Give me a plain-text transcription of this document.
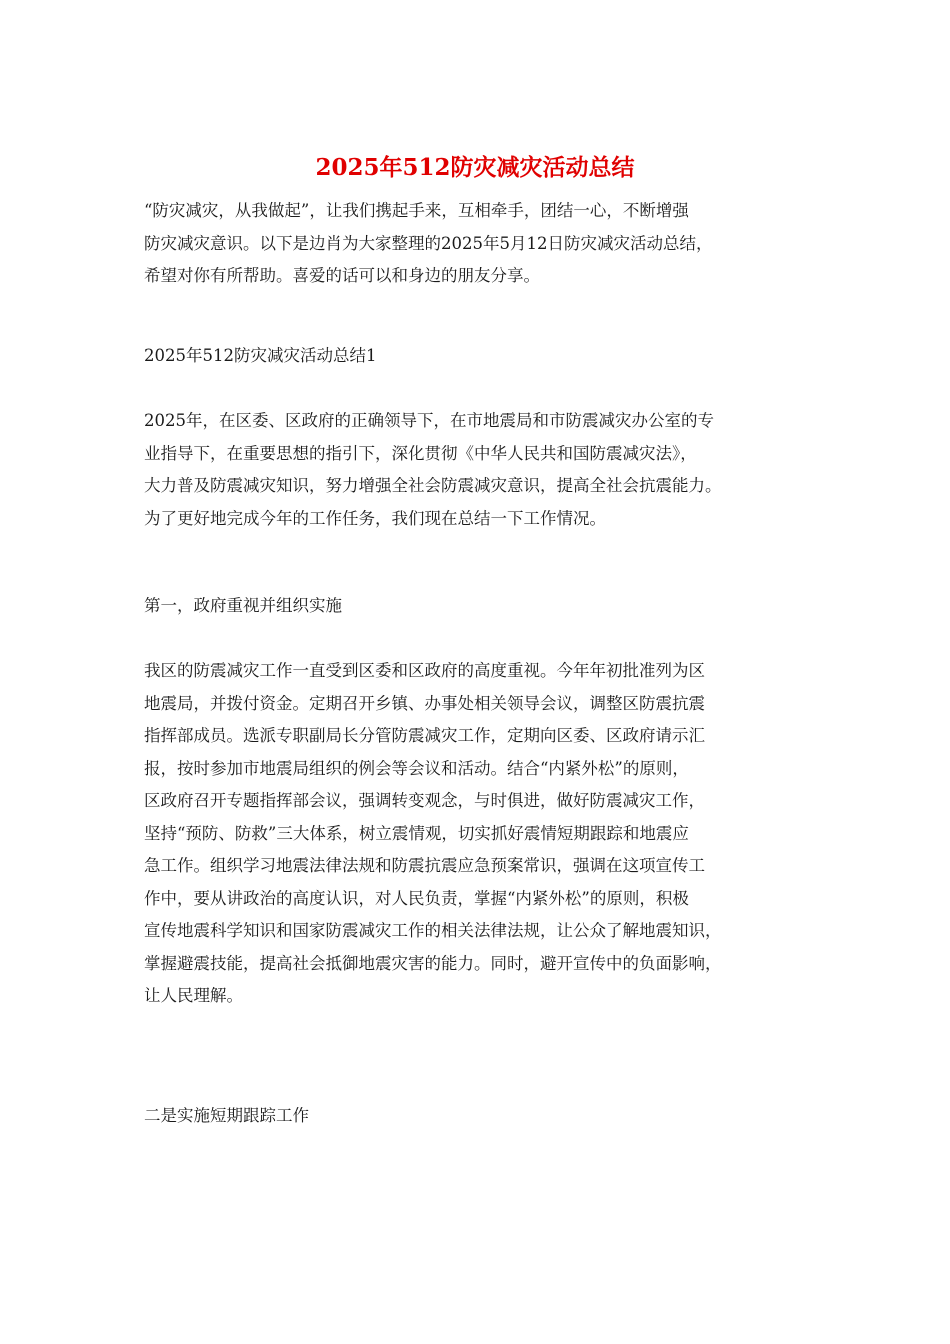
2025年512防灾减灾活动总结
“防灾减灾，从我做起”，让我们携起手来，互相牵手，团结一心，不断增强
防灾减灾意识。以下是边肖为大家整理的2025年5月12日防灾减灾活动总结，
希望对你有所帮助。喜爱的话可以和身边的朋友分享。
2025年512防灾减灾活动总结1
2025年，在区委、区政府的正确领导下，在市地震局和市防震减灾办公室的专
业指导下，在重要思想的指引下，深化贯彻《中华人民共和国防震减灾法》，
大力普及防震减灾知识，努力增强全社会防震减灾意识，提高全社会抗震能力。
为了更好地完成今年的工作任务，我们现在总结一下工作情况。
第一，政府重视并组织实施
我区的防震减灾工作一直受到区委和区政府的高度重视。今年年初批准列为区
地震局，并拨付资金。定期召开乡镇、办事处相关领导会议，调整区防震抗震
指挥部成员。选派专职副局长分管防震减灾工作，定期向区委、区政府请示汇
报，按时参加市地震局组织的例会等会议和活动。结合“内紧外松”的原则，
区政府召开专题指挥部会议，强调转变观念，与时俱进，做好防震减灾工作，
坚持“预防、防救”三大体系，树立震情观，切实抓好震情短期跟踪和地震应
急工作。组织学习地震法律法规和防震抗震应急预案常识，强调在这项宣传工
作中，要从讲政治的高度认识，对人民负责，掌握“内紧外松”的原则，积极
宣传地震科学知识和国家防震减灾工作的相关法律法规，让公众了解地震知识，
掌握避震技能，提高社会抵御地震灾害的能力。同时，避开宣传中的负面影响，
让人民理解。
二是实施短期跟踪工作
